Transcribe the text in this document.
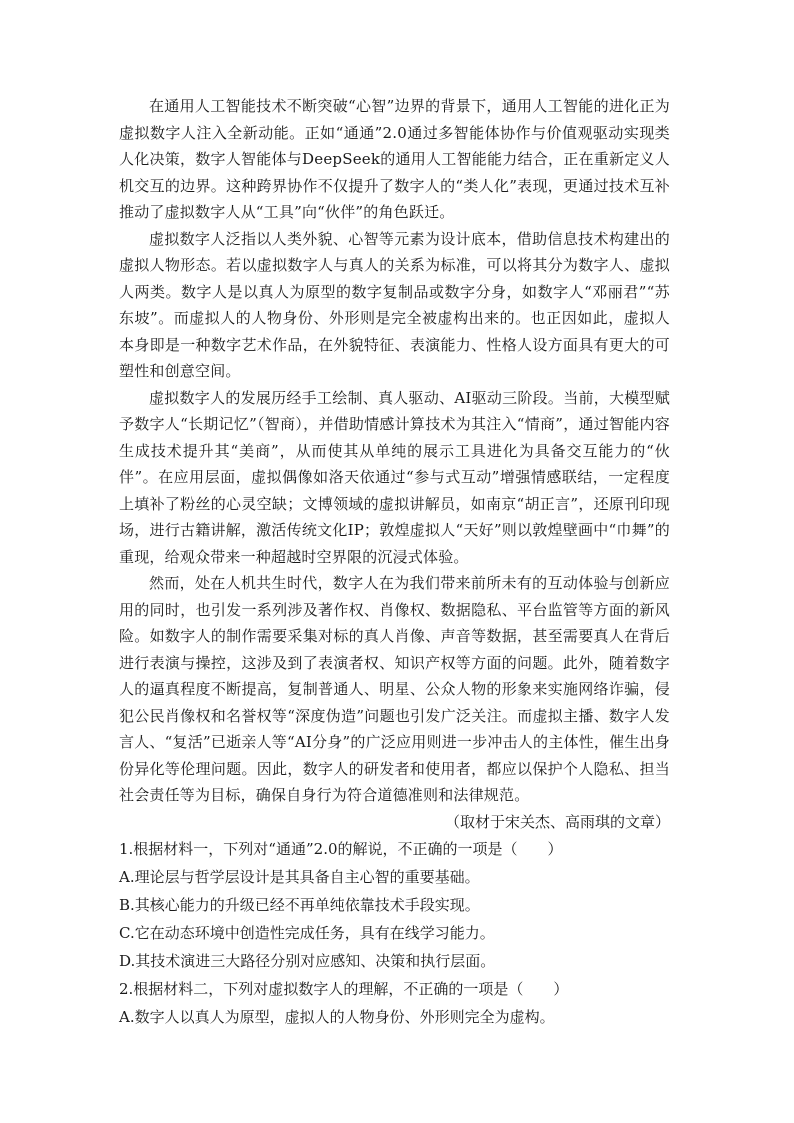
在通用人工智能技术不断突破“心智”边界的背景下，通用人工智能的进化正为虚拟数字人注入全新动能。正如“通通”2.0通过多智能体协作与价值观驱动实现类人化决策，数字人智能体与DeepSeek的通用人工智能能力结合，正在重新定义人机交互的边界。这种跨界协作不仅提升了数字人的“类人化”表现，更通过技术互补推动了虚拟数字人从“工具”向“伙伴”的角色跃迁。

虚拟数字人泛指以人类外貌、心智等元素为设计底本，借助信息技术构建出的虚拟人物形态。若以虚拟数字人与真人的关系为标准，可以将其分为数字人、虚拟人两类。数字人是以真人为原型的数字复制品或数字分身，如数字人“邓丽君”“苏东坡”。而虚拟人的人物身份、外形则是完全被虚构出来的。也正因如此，虚拟人本身即是一种数字艺术作品，在外貌特征、表演能力、性格人设方面具有更大的可塑性和创意空间。

虚拟数字人的发展历经手工绘制、真人驱动、AI驱动三阶段。当前，大模型赋予数字人“长期记忆”（智商），并借助情感计算技术为其注入“情商”，通过智能内容生成技术提升其“美商”，从而使其从单纯的展示工具进化为具备交互能力的“伙伴”。在应用层面，虚拟偶像如洛天依通过“参与式互动”增强情感联结，一定程度上填补了粉丝的心灵空缺；文博领域的虚拟讲解员，如南京“胡正言”，还原刊印现场，进行古籍讲解，激活传统文化IP；敦煌虚拟人“天好”则以敦煌壁画中“巾舞”的重现，给观众带来一种超越时空界限的沉浸式体验。

然而，处在人机共生时代，数字人在为我们带来前所未有的互动体验与创新应用的同时，也引发一系列涉及著作权、肖像权、数据隐私、平台监管等方面的新风险。如数字人的制作需要采集对标的真人肖像、声音等数据，甚至需要真人在背后进行表演与操控，这涉及到了表演者权、知识产权等方面的问题。此外，随着数字人的逼真程度不断提高，复制普通人、明星、公众人物的形象来实施网络诈骗，侵犯公民肖像权和名誉权等“深度伪造”问题也引发广泛关注。而虚拟主播、数字人发言人、“复活”已逝亲人等“AI分身”的广泛应用则进一步冲击人的主体性，催生出身份异化等伦理问题。因此，数字人的研发者和使用者，都应以保护个人隐私、担当社会责任等为目标，确保自身行为符合道德准则和法律规范。

（取材于宋关杰、高雨琪的文章）

1.根据材料一，下列对“通通”2.0的解说，不正确的一项是（　　）

A.理论层与哲学层设计是其具备自主心智的重要基础。

B.其核心能力的升级已经不再单纯依靠技术手段实现。

C.它在动态环境中创造性完成任务，具有在线学习能力。

D.其技术演进三大路径分别对应感知、决策和执行层面。

2.根据材料二，下列对虚拟数字人的理解，不正确的一项是（　　）

A.数字人以真人为原型，虚拟人的人物身份、外形则完全为虚构。
